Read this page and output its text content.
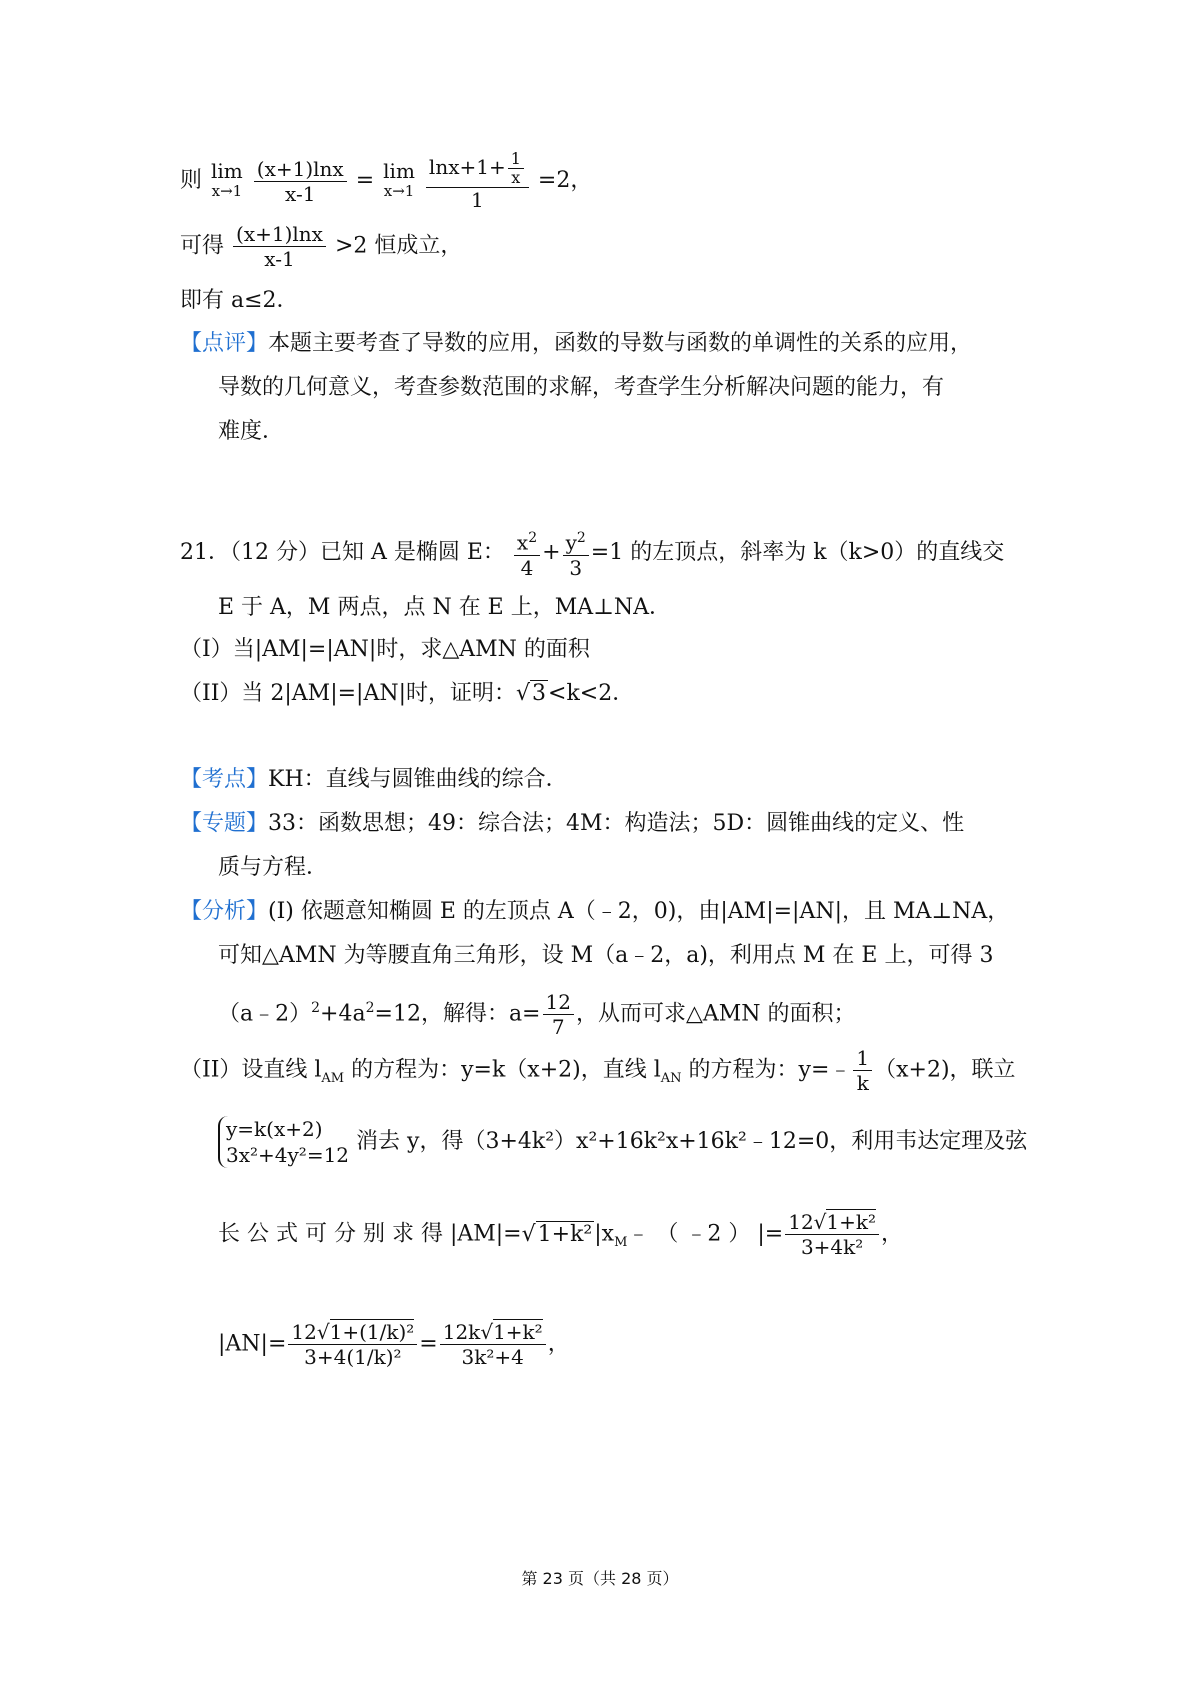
则 lim
x→1
$\frac{(x+1)\ln x}{x-1} = \lim$
x→1
$\frac{\ln x+1+ \frac{1}{x}}{1} =2$，
可得 $\frac{(x+1)\ln x}{x-1} >2$ 恒成立，
即有 a≤2．
【点评】本题主要考查了导数的应用，函数的导数与函数的单调性的关系的应用，
导数的几何意义，考查参数范围的求解，考查学生分析解决问题的能力，有
难度．
21．（12 分）已知 A 是椭圆 E： $\frac{x^2}{4} + \frac{y^2}{3} =1$ 的左顶点，斜率为 k（k>0）的直线交
E 于 A，M 两点，点 N 在 E 上，MA⊥NA．
（I）当|AM|=|AN|时，求△AMN 的面积
（II）当 2|AM|=|AN|时，证明：√3<k<2．
【考点】KH：直线与圆锥曲线的综合．
【专题】33：函数思想；49：综合法；4M：构造法；5D：圆锥曲线的定义、性
质与方程．
【分析】(I) 依题意知椭圆 E 的左顶点 A（﹣2，0)，由|AM|=|AN|，且 MA⊥NA，
可知△AMN 为等腰直角三角形，设 M（a﹣2，a)，利用点 M 在 E 上，可得 3
$(a﹣2)^2+4a^2=12$，解得：$a= \frac{12}{7}$ ，从而可求△AMN 的面积；
（II）设直线 $l_{AM}$ 的方程为：y=k（x+2)，直线 $l_{AN}$ 的方程为：y=﹣ $\frac{1}{k} (x+2)$，联立
y=k(x+2)
3x²+4y²=12
消去 y，得（3+4k²）x²+16k²x+16k²﹣12=0，利用韦达定理及弦
长 公 式 可 分 别 求 得 $|AM|=√1+k^2|x_M﹣$ （ ﹣2 ） |= $\frac{\text{12√1+k²}}{\text{3+4k²}}$ ，
$|AN|= \frac{\text{12√1+(1/k)²}}{\text{3+4(1/k)²}} = \frac{\text{12k√1+k²}}{\text{3k²+4}}$ ，
第 23 页（共 28 页）
